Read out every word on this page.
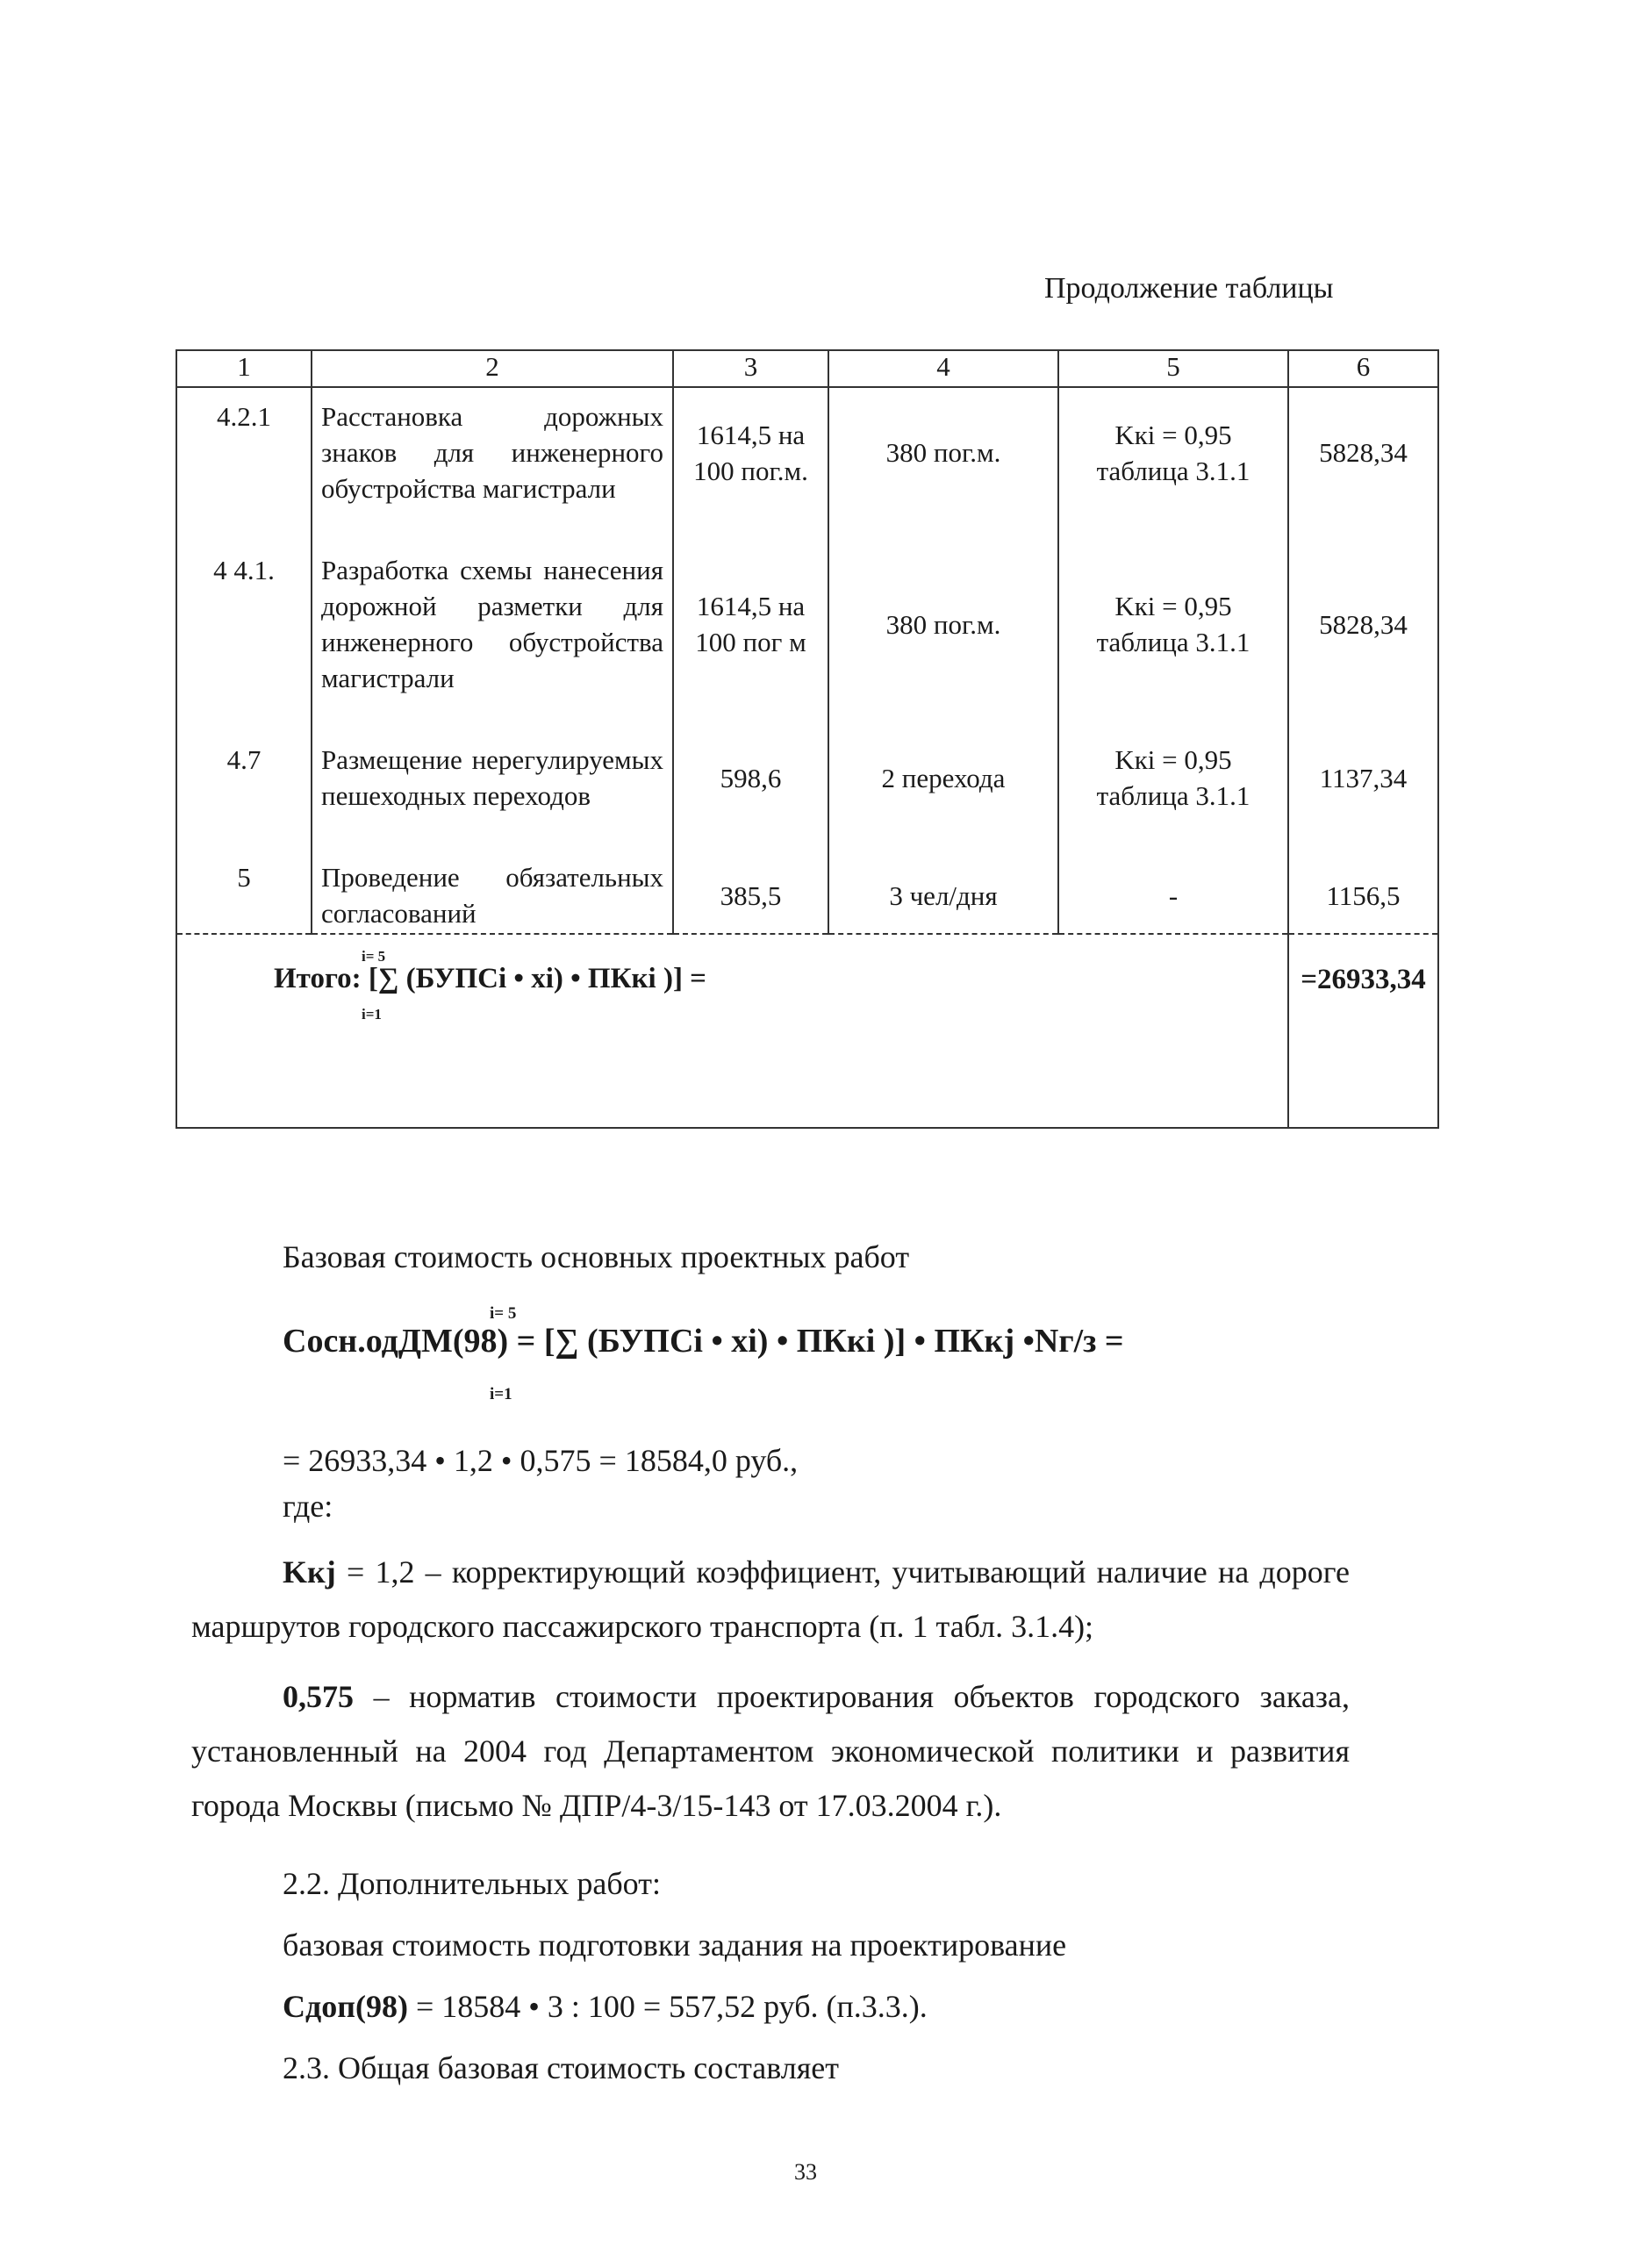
Продолжение таблицы
1	2	3	4	5	6
4.2.1	Расстановка дорожных знаков для инженерного обустройства магистрали	1614,5 на 100 пог.м.	380 пог.м.	Kкi = 0,95 таблица 3.1.1	5828,34
4 4.1.	Разработка схемы нанесения дорожной разметки для инженерного обустройства магистрали	1614,5 на 100 пог м	380 пог.м.	Kкi = 0,95 таблица 3.1.1	5828,34
4.7	Размещение нерегулируемых пешеходных переходов	598,6	2 перехода	Kкi = 0,95 таблица 3.1.1	1137,34
5	Проведение обязательных согласований	385,5	3 чел/дня	-	1156,5

i= 5
Итого: [∑ (БУПСi • xi) • ПКкi )] =
i=1					=26933,34
Базовая стоимость основных проектных работ
i= 5
Cосн.одДМ(98) = [∑ (БУПСi • xi) • ПКкi )] • ПКкj •Nг/з =
i=1
= 26933,34 • 1,2 • 0,575 = 18584,0 руб.,
где:
Kкj = 1,2 – корректирующий коэффициент, учитывающий наличие на дороге маршрутов городского пассажирского транспорта (п. 1 табл. 3.1.4);
0,575 – норматив стоимости проектирования объектов городского заказа, установленный на 2004 год Департаментом экономической политики и развития города Москвы (письмо № ДПР/4-3/15-143 от 17.03.2004 г.).
2.2. Дополнительных работ:
базовая стоимость подготовки задания на проектирование
Cдоп(98) = 18584 • 3 : 100 = 557,52 руб. (п.3.3.).
2.3. Общая базовая стоимость составляет
33
